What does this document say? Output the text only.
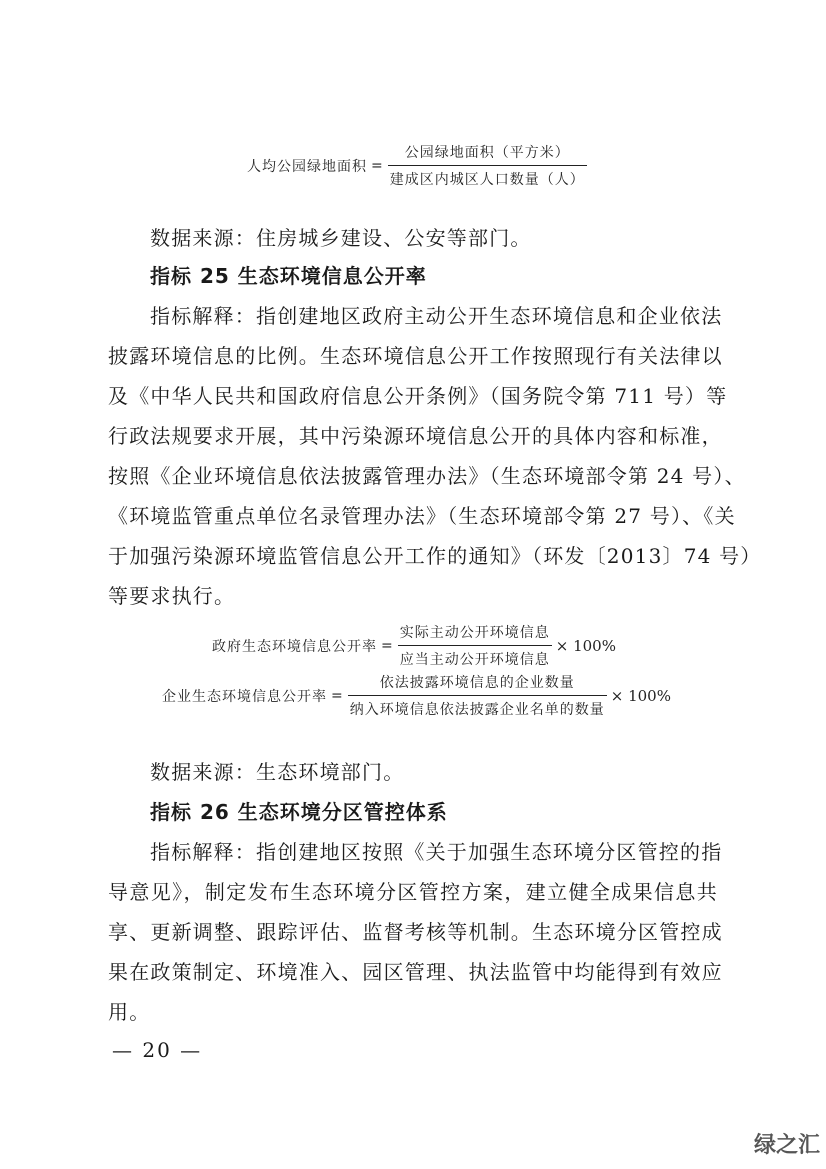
人均公园绿地面积 = $\frac{\text{公园绿地面积（平方米）}}{\text{建成区内城区人口数量（人）}}$
数据来源：住房城乡建设、公安等部门。
指标 25 生态环境信息公开率
指标解释：指创建地区政府主动公开生态环境信息和企业依法
披露环境信息的比例。生态环境信息公开工作按照现行有关法律以
及《中华人民共和国政府信息公开条例》（国务院令第 711 号）等
行政法规要求开展，其中污染源环境信息公开的具体内容和标准，
按照《企业环境信息依法披露管理办法》（生态环境部令第 24 号）、
《环境监管重点单位名录管理办法》（生态环境部令第 27 号）、《关
于加强污染源环境监管信息公开工作的通知》（环发〔2013〕74 号）
等要求执行。
政府生态环境信息公开率 = $\frac{\text{实际主动公开环境信息}}{\text{应当主动公开环境信息}} \times 100\%$
企业生态环境信息公开率 = $\frac{\text{依法披露环境信息的企业数量}}{\text{纳入环境信息依法披露企业名单的数量}} \times 100\%$
数据来源：生态环境部门。
指标 26 生态环境分区管控体系
指标解释：指创建地区按照《关于加强生态环境分区管控的指
导意见》，制定发布生态环境分区管控方案，建立健全成果信息共
享、更新调整、跟踪评估、监督考核等机制。生态环境分区管控成
果在政策制定、环境准入、园区管理、执法监管中均能得到有效应
用。
— 20 —
绿之汇
